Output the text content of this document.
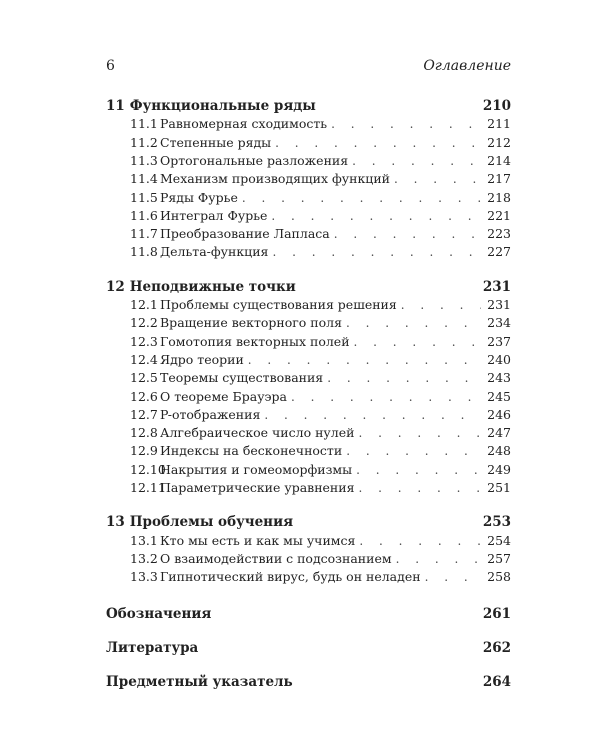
6	Оглавление
11 Функциональные ряды	210
11.1 Равномерная сходимость . . .	211
11.2 Степенные ряды . . .	212
11.3 Ортогональные разложения . . .	214
11.4 Механизм производящих функций . . .	217
11.5 Ряды Фурье . . .	218
11.6 Интеграл Фурье . . .	221
11.7 Преобразование Лапласа . . .	223
11.8 Дельта-функция . . .	227
12 Неподвижные точки	231
12.1 Проблемы существования решения . . .	231
12.2 Вращение векторного поля . . .	234
12.3 Гомотопия векторных полей . . .	237
12.4 Ядро теории . . .	240
12.5 Теоремы существования . . .	243
12.6 О теореме Брауэра . . .	245
12.7 P-отображения . . .	246
12.8 Алгебраическое число нулей . . .	247
12.9 Индексы на бесконечности . . .	248
12.10Накрытия и гомеоморфизмы . . .	249
12.11Параметрические уравнения . . .	251
13 Проблемы обучения	253
13.1 Кто мы есть и как мы учимся . . .	254
13.2 О взаимодействии с подсознанием . . .	257
13.3 Гипнотический вирус, будь он неладен . . .	258
Обозначения	261
Литература	262
Предметный указатель	264
